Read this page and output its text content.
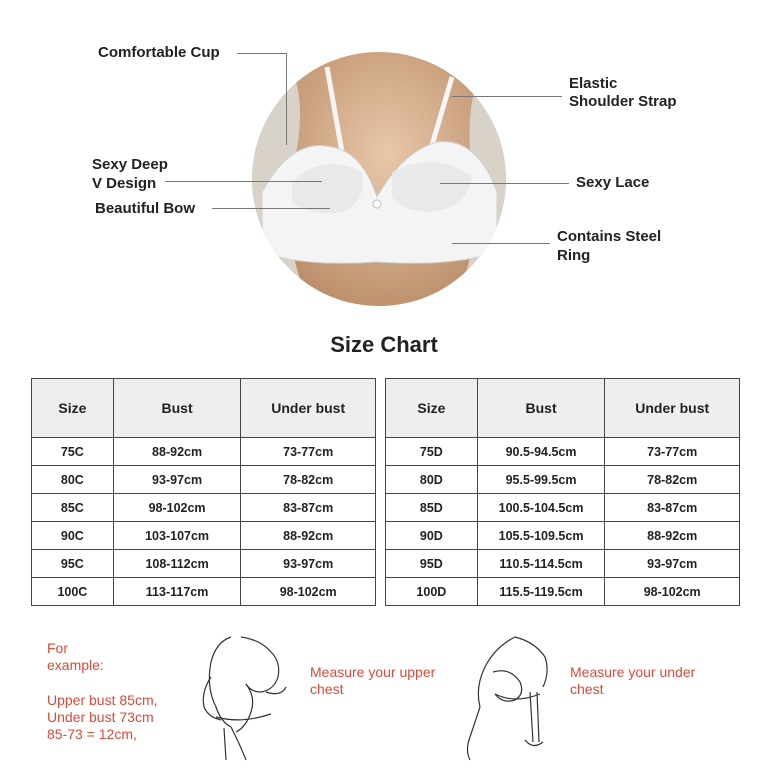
Comfortable Cup
Sexy Deep
V Design
Beautiful Bow
Elastic
Shoulder Strap
Sexy Lace
Contains Steel
Ring
Size Chart
Size	Bust	Under bust
75C	88-92cm	73-77cm
80C	93-97cm	78-82cm
85C	98-102cm	83-87cm
90C	103-107cm	88-92cm
95C	108-112cm	93-97cm
100C	113-117cm	98-102cm
Size	Bust	Under bust
75D	90.5-94.5cm	73-77cm
80D	95.5-99.5cm	78-82cm
85D	100.5-104.5cm	83-87cm
90D	105.5-109.5cm	88-92cm
95D	110.5-114.5cm	93-97cm
100D	115.5-119.5cm	98-102cm
For
example:
Upper bust 85cm,
Under bust 73cm
85-73 = 12cm,
Measure your upper
chest
Measure your under
chest
